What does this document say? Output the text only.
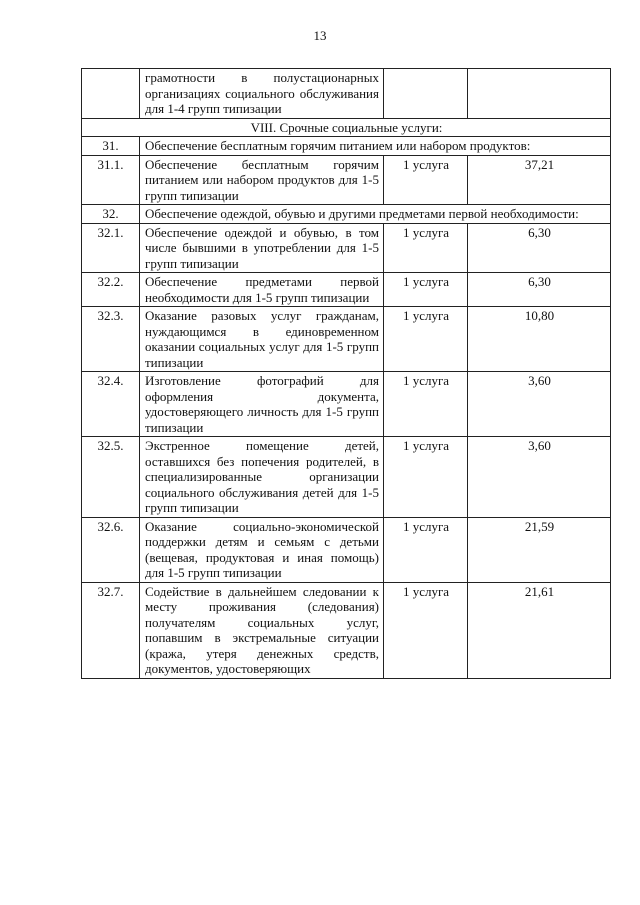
13
	грамотности в полустационарных организациях социального обслуживания для 1-4 групп типизации		
VIII. Срочные социальные услуги:			
31.	Обеспечение бесплатным горячим питанием или набором продуктов:		
31.1.	Обеспечение бесплатным горячим питанием или набором продуктов для 1-5 групп типизации	1 услуга	37,21
32.	Обеспечение одеждой, обувью и другими предметами первой необходимости:		
32.1.	Обеспечение одеждой и обувью, в том числе бывшими в употреблении для 1-5 групп типизации	1 услуга	6,30
32.2.	Обеспечение предметами первой необходимости для 1-5 групп типизации	1 услуга	6,30
32.3.	Оказание разовых услуг гражданам, нуждающимся в единовременном оказании социальных услуг для 1-5 групп типизации	1 услуга	10,80
32.4.	Изготовление фотографий для оформления документа, удостоверяющего личность для 1-5 групп типизации	1 услуга	3,60
32.5.	Экстренное помещение детей, оставшихся без попечения родителей, в специализированные организации социального обслуживания детей для 1-5 групп типизации	1 услуга	3,60
32.6.	Оказание социально-экономической поддержки детям и семьям с детьми (вещевая, продуктовая и иная помощь) для 1-5 групп типизации	1 услуга	21,59
32.7.	Содействие в дальнейшем следовании к месту проживания (следования) получателям социальных услуг, попавшим в экстремальные ситуации (кража, утеря денежных средств, документов, удостоверяющих	1 услуга	21,61
